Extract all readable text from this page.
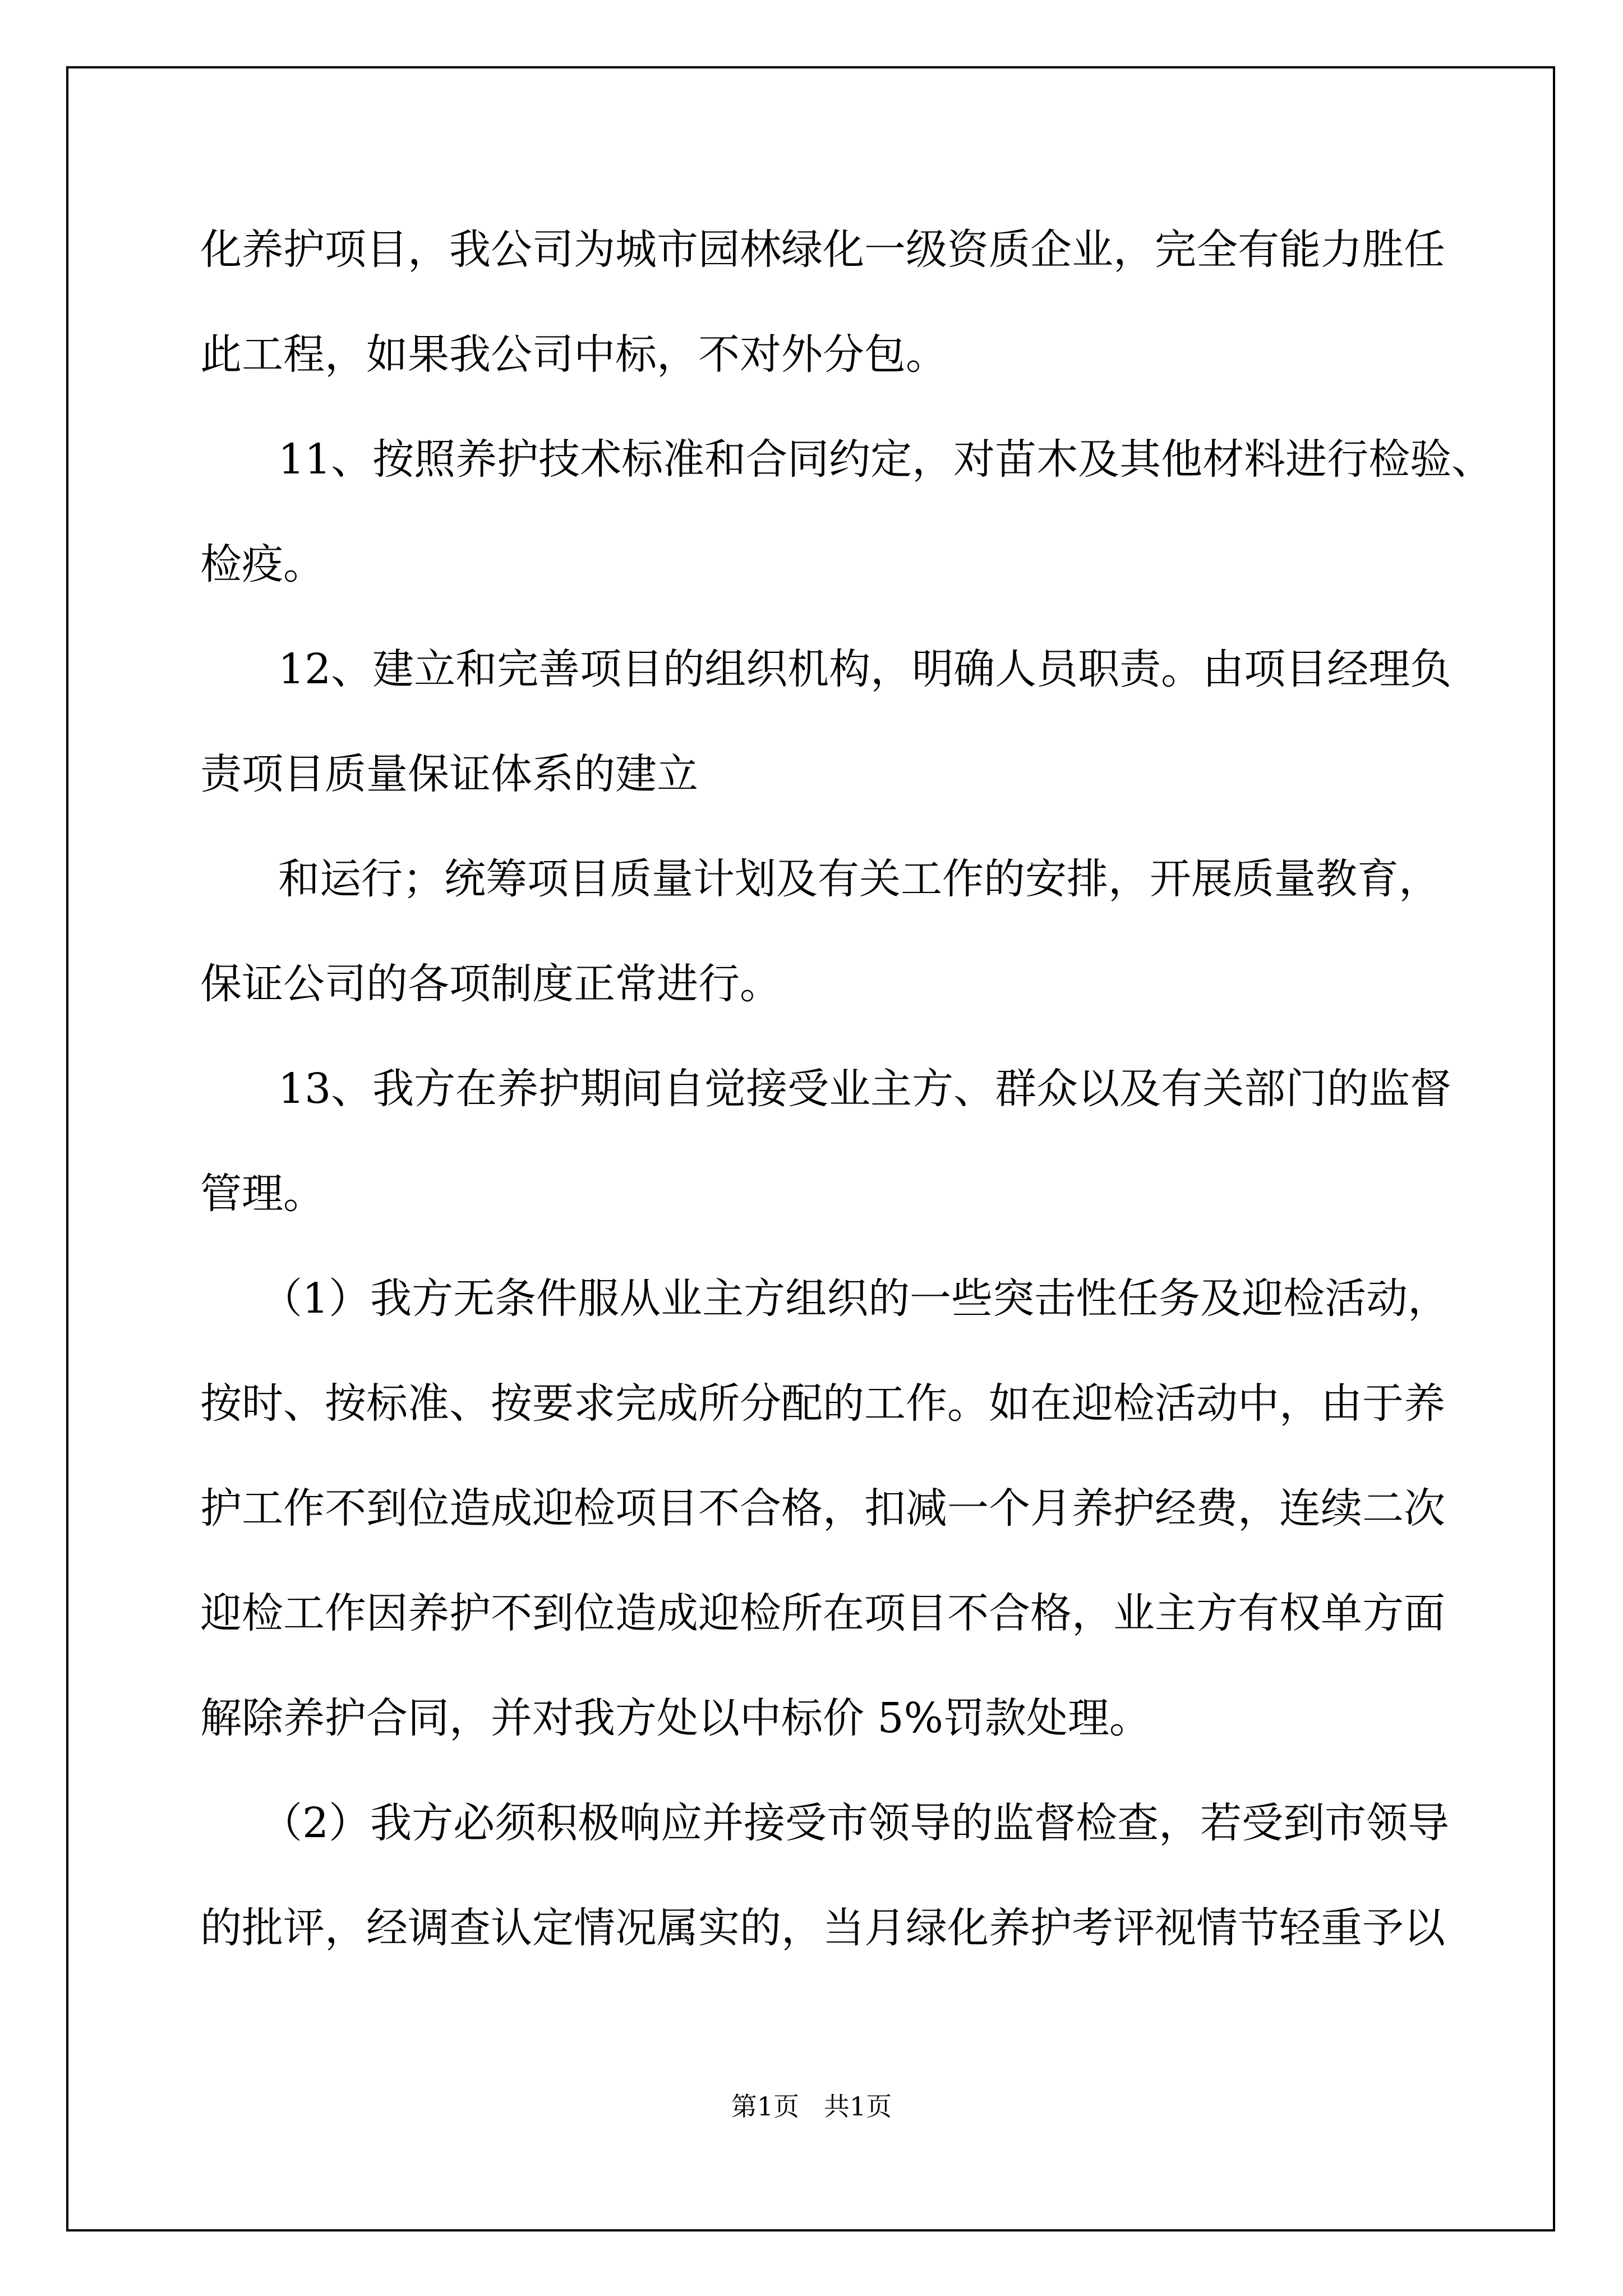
化养护项目，我公司为城市园林绿化一级资质企业，完全有能力胜任

此工程，如果我公司中标，不对外分包。

11、按照养护技术标准和合同约定，对苗木及其他材料进行检验、

检疫。

12、建立和完善项目的组织机构，明确人员职责。由项目经理负

责项目质量保证体系的建立

和运行；统筹项目质量计划及有关工作的安排，开展质量教育，

保证公司的各项制度正常进行。

13、我方在养护期间自觉接受业主方、群众以及有关部门的监督

管理。

（1）我方无条件服从业主方组织的一些突击性任务及迎检活动，

按时、按标准、按要求完成所分配的工作。如在迎检活动中，由于养

护工作不到位造成迎检项目不合格，扣减一个月养护经费，连续二次

迎检工作因养护不到位造成迎检所在项目不合格，业主方有权单方面

解除养护合同，并对我方处以中标价 5%罚款处理。

（2）我方必须积极响应并接受市领导的监督检查，若受到市领导

的批评，经调查认定情况属实的，当月绿化养护考评视情节轻重予以

第1页   共1页
